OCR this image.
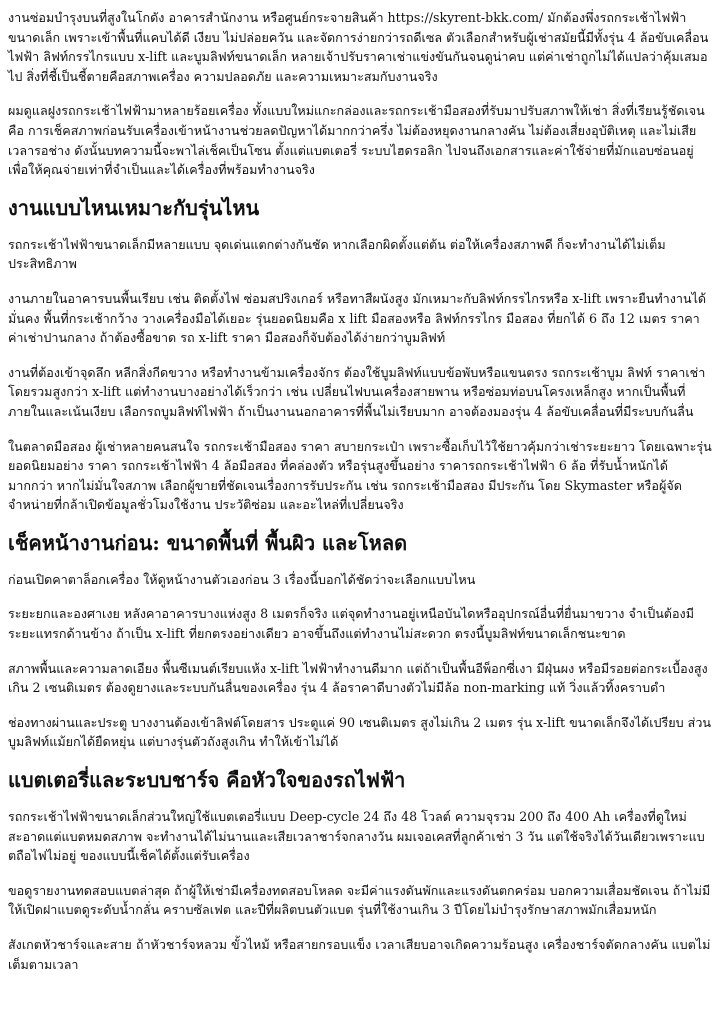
งานซ่อมบำรุงบนที่สูงในโกดัง อาคารสำนักงาน หรือศูนย์กระจายสินค้า https://skyrent-bkk.com/ มักต้องพึ่งรถกระเช้าไฟฟ้าขนาดเล็ก เพราะเข้าพื้นที่แคบได้ดี เงียบ ไม่ปล่อยควัน และจัดการง่ายกว่ารถดีเซล ตัวเลือกสำหรับผู้เช่าสมัยนี้มีทั้งรุ่น 4 ล้อขับเคลื่อนไฟฟ้า ลิฟท์กรรไกรแบบ x-lift และบูมลิฟท์ขนาดเล็ก หลายเจ้าปรับราคาเช่าแข่งขันกันจนดูน่าคบ แต่ค่าเช่าถูกไม่ได้แปลว่าคุ้มเสมอไป สิ่งที่ชี้เป็นชี้ตายคือสภาพเครื่อง ความปลอดภัย และความเหมาะสมกับงานจริง

ผมดูแลฝูงรถกระเช้าไฟฟ้ามาหลายร้อยเครื่อง ทั้งแบบใหม่แกะกล่องและรถกระเช้ามือสองที่รับมาปรับสภาพให้เช่า สิ่งที่เรียนรู้ชัดเจนคือ การเช็คสภาพก่อนรับเครื่องเข้าหน้างานช่วยลดปัญหาได้มากกว่าครึ่ง ไม่ต้องหยุดงานกลางคัน ไม่ต้องเสี่ยงอุบัติเหตุ และไม่เสียเวลารอช่าง ดังนั้นบทความนี้จะพาไล่เช็คเป็นโซน ตั้งแต่แบตเตอรี่ ระบบไฮดรอลิก ไปจนถึงเอกสารและค่าใช้จ่ายที่มักแอบซ่อนอยู่ เพื่อให้คุณจ่ายเท่าที่จำเป็นและได้เครื่องที่พร้อมทำงานจริง

งานแบบไหนเหมาะกับรุ่นไหน

รถกระเช้าไฟฟ้าขนาดเล็กมีหลายแบบ จุดเด่นแตกต่างกันชัด หากเลือกผิดตั้งแต่ต้น ต่อให้เครื่องสภาพดี ก็จะทำงานได้ไม่เต็มประสิทธิภาพ

งานภายในอาคารบนพื้นเรียบ เช่น ติดตั้งไฟ ซ่อมสปริงเกอร์ หรือทาสีผนังสูง มักเหมาะกับลิฟท์กรรไกรหรือ x-lift เพราะยืนทำงานได้มั่นคง พื้นที่กระเช้ากว้าง วางเครื่องมือได้เยอะ รุ่นยอดนิยมคือ x lift มือสองหรือ ลิฟท์กรรไกร มือสอง ที่ยกได้ 6 ถึง 12 เมตร ราคาค่าเช่าปานกลาง ถ้าต้องซื้อขาด รถ x-lift ราคา มือสองก็จับต้องได้ง่ายกว่าบูมลิฟท์

งานที่ต้องเข้าจุดลึก หลีกสิ่งกีดขวาง หรือทำงานข้ามเครื่องจักร ต้องใช้บูมลิฟท์แบบข้อพับหรือแขนตรง รถกระเช้าบูม ลิฟท์ ราคาเช่าโดยรวมสูงกว่า x-lift แต่ทำงานบางอย่างได้เร็วกว่า เช่น เปลี่ยนไฟบนเครื่องสายพาน หรือซ่อมท่อบนโครงเหล็กสูง หากเป็นพื้นที่ภายในและเน้นเงียบ เลือกรถบูมลิฟท์ไฟฟ้า ถ้าเป็นงานนอกอาคารที่พื้นไม่เรียบมาก อาจต้องมองรุ่น 4 ล้อขับเคลื่อนที่มีระบบกันลื่น

ในตลาดมือสอง ผู้เช่าหลายคนสนใจ รถกระเช้ามือสอง ราคา สบายกระเป๋า เพราะซื้อเก็บไว้ใช้ยาวคุ้มกว่าเช่าระยะยาว โดยเฉพาะรุ่นยอดนิยมอย่าง ราคา รถกระเช้าไฟฟ้า 4 ล้อมือสอง ที่คล่องตัว หรือรุ่นสูงขึ้นอย่าง ราคารถกระเช้าไฟฟ้า 6 ล้อ ที่รับน้ำหนักได้มากกว่า หากไม่มั่นใจสภาพ เลือกผู้ขายที่ชัดเจนเรื่องการรับประกัน เช่น รถกระเช้ามือสอง มีประกัน โดย Skymaster หรือผู้จัดจำหน่ายที่กล้าเปิดข้อมูลชั่วโมงใช้งาน ประวัติซ่อม และอะไหล่ที่เปลี่ยนจริง

เช็คหน้างานก่อน: ขนาดพื้นที่ พื้นผิว และโหลด

ก่อนเปิดคาตาล็อกเครื่อง ให้ดูหน้างานตัวเองก่อน 3 เรื่องนี้บอกได้ชัดว่าจะเลือกแบบไหน

ระยะยกและองศาเงย หลังคาอาคารบางแห่งสูง 8 เมตรก็จริง แต่จุดทำงานอยู่เหนือบันไดหรืออุปกรณ์อื่นที่ยื่นมาขวาง จำเป็นต้องมีระยะแทรกด้านข้าง ถ้าเป็น x-lift ที่ยกตรงอย่างเดียว อาจขึ้นถึงแต่ทำงานไม่สะดวก ตรงนี้บูมลิฟท์ขนาดเล็กชนะขาด

สภาพพื้นและความลาดเอียง พื้นซีเมนต์เรียบแห้ง x-lift ไฟฟ้าทำงานดีมาก แต่ถ้าเป็นพื้นอีพ็อกซี่เงา มีฝุ่นผง หรือมีรอยต่อกระเบื้องสูงเกิน 2 เซนติเมตร ต้องดูยางและระบบกันลื่นของเครื่อง รุ่น 4 ล้อราคาดีบางตัวไม่มีล้อ non-marking แท้ วิ่งแล้วทิ้งคราบดำ

ช่องทางผ่านและประตู บางงานต้องเข้าลิฟต์โดยสาร ประตูแค่ 90 เซนติเมตร สูงไม่เกิน 2 เมตร รุ่น x-lift ขนาดเล็กจึงได้เปรียบ ส่วนบูมลิฟท์แม้ยกได้ยืดหยุ่น แต่บางรุ่นตัวถังสูงเกิน ทำให้เข้าไม่ได้

แบตเตอรี่และระบบชาร์จ คือหัวใจของรถไฟฟ้า

รถกระเช้าไฟฟ้าขนาดเล็กส่วนใหญ่ใช้แบตเตอรี่แบบ Deep-cycle 24 ถึง 48 โวลต์ ความจุรวม 200 ถึง 400 Ah เครื่องที่ดูใหม่สะอาดแต่แบตหมดสภาพ จะทำงานได้ไม่นานและเสียเวลาชาร์จกลางวัน ผมเจอเคสที่ลูกค้าเช่า 3 วัน แต่ใช้จริงได้วันเดียวเพราะแบตถือไฟไม่อยู่ ของแบบนี้เช็คได้ตั้งแต่รับเครื่อง

ขอดูรายงานทดสอบแบตล่าสุด ถ้าผู้ให้เช่ามีเครื่องทดสอบโหลด จะมีค่าแรงดันพักและแรงดันตกคร่อม บอกความเสื่อมชัดเจน ถ้าไม่มี ให้เปิดฝาแบตดูระดับน้ำกลั่น คราบซัลเฟต และปีที่ผลิตบนตัวแบต รุ่นที่ใช้งานเกิน 3 ปีโดยไม่บำรุงรักษาสภาพมักเสื่อมหนัก

สังเกตหัวชาร์จและสาย ถ้าหัวชาร์จหลวม ขั้วไหม้ หรือสายกรอบแข็ง เวลาเสียบอาจเกิดความร้อนสูง เครื่องชาร์จตัดกลางคัน แบตไม่เต็มตามเวลา
